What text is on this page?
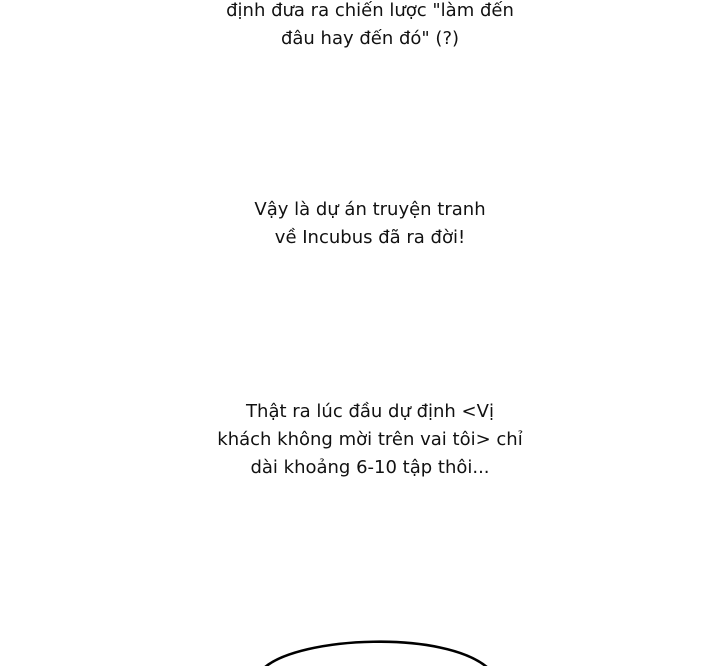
định đưa ra chiến lược "làm đến
đâu hay đến đó" (?)
Vậy là dự án truyện tranh
về Incubus đã ra đời!
Thật ra lúc đầu dự định <Vị
khách không mời trên vai tôi> chỉ
dài khoảng 6-10 tập thôi...
